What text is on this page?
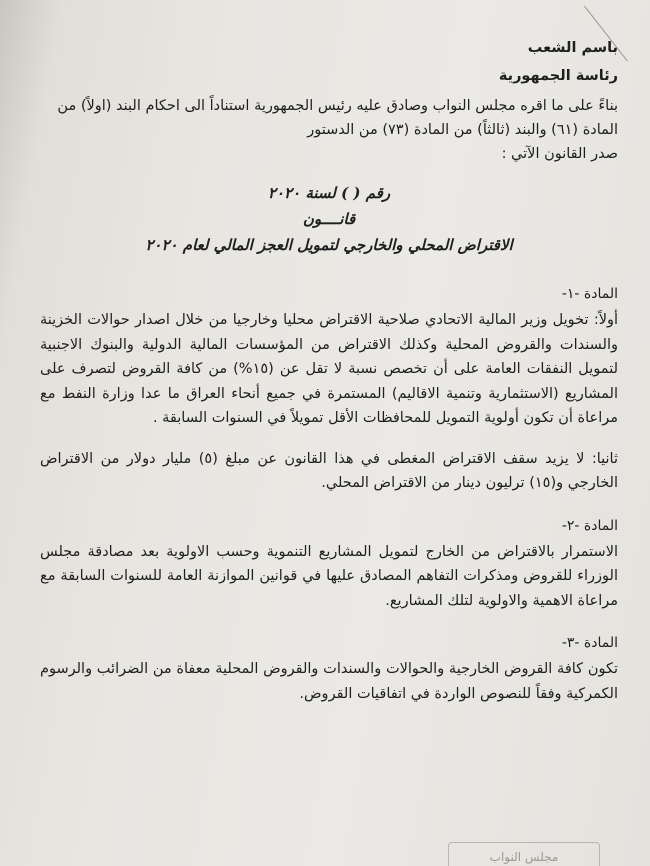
باسم الشعب
رئاسة الجمهورية
بناءً على ما اقره مجلس النواب وصادق عليه رئيس الجمهورية استناداً الى احكام البند (اولاً) من
المادة (٦١) والبند (ثالثاً) من المادة (٧٣) من الدستور
صدر القانون الآتي :
رقم ( ) لسنة ٢٠٢٠
قانــــون
الاقتراض المحلي والخارجي لتمويل العجز المالي لعام ٢٠٢٠
المادة -١-
أولاً: تخويل وزير المالية الاتحادي صلاحية الاقتراض محليا وخارجيا من خلال اصدار حوالات الخزينة والسندات والقروض المحلية وكذلك الاقتراض من المؤسسات المالية الدولية والبنوك الاجنبية لتمويل النفقات العامة على أن تخصص نسبة لا تقل عن (١٥%) من كافة القروض لتصرف على المشاريع (الاستثمارية وتنمية الاقاليم) المستمرة في جميع أنحاء العراق ما عدا وزارة النفط مع مراعاة أن تكون أولوية التمويل للمحافظات الأقل تمويلاً في السنوات السابقة .
ثانيا: لا يزيد سقف الاقتراض المغطى في هذا القانون عن مبلغ (٥) مليار دولار من الاقتراض الخارجي و(١٥) ترليون دينار من الاقتراض المحلي.
المادة -٢-
الاستمرار بالاقتراض من الخارج لتمويل المشاريع التنموية وحسب الاولوية بعد مصادقة مجلس الوزراء للقروض ومذكرات التفاهم المصادق عليها في قوانين الموازنة العامة للسنوات السابقة مع مراعاة الاهمية والاولوية لتلك المشاريع.
المادة -٣-
تكون كافة القروض الخارجية والحوالات والسندات والقروض المحلية معفاة من الضرائب والرسوم الكمركية وفقاً للنصوص الواردة في اتفاقيات القروض.
مجلس النواب
